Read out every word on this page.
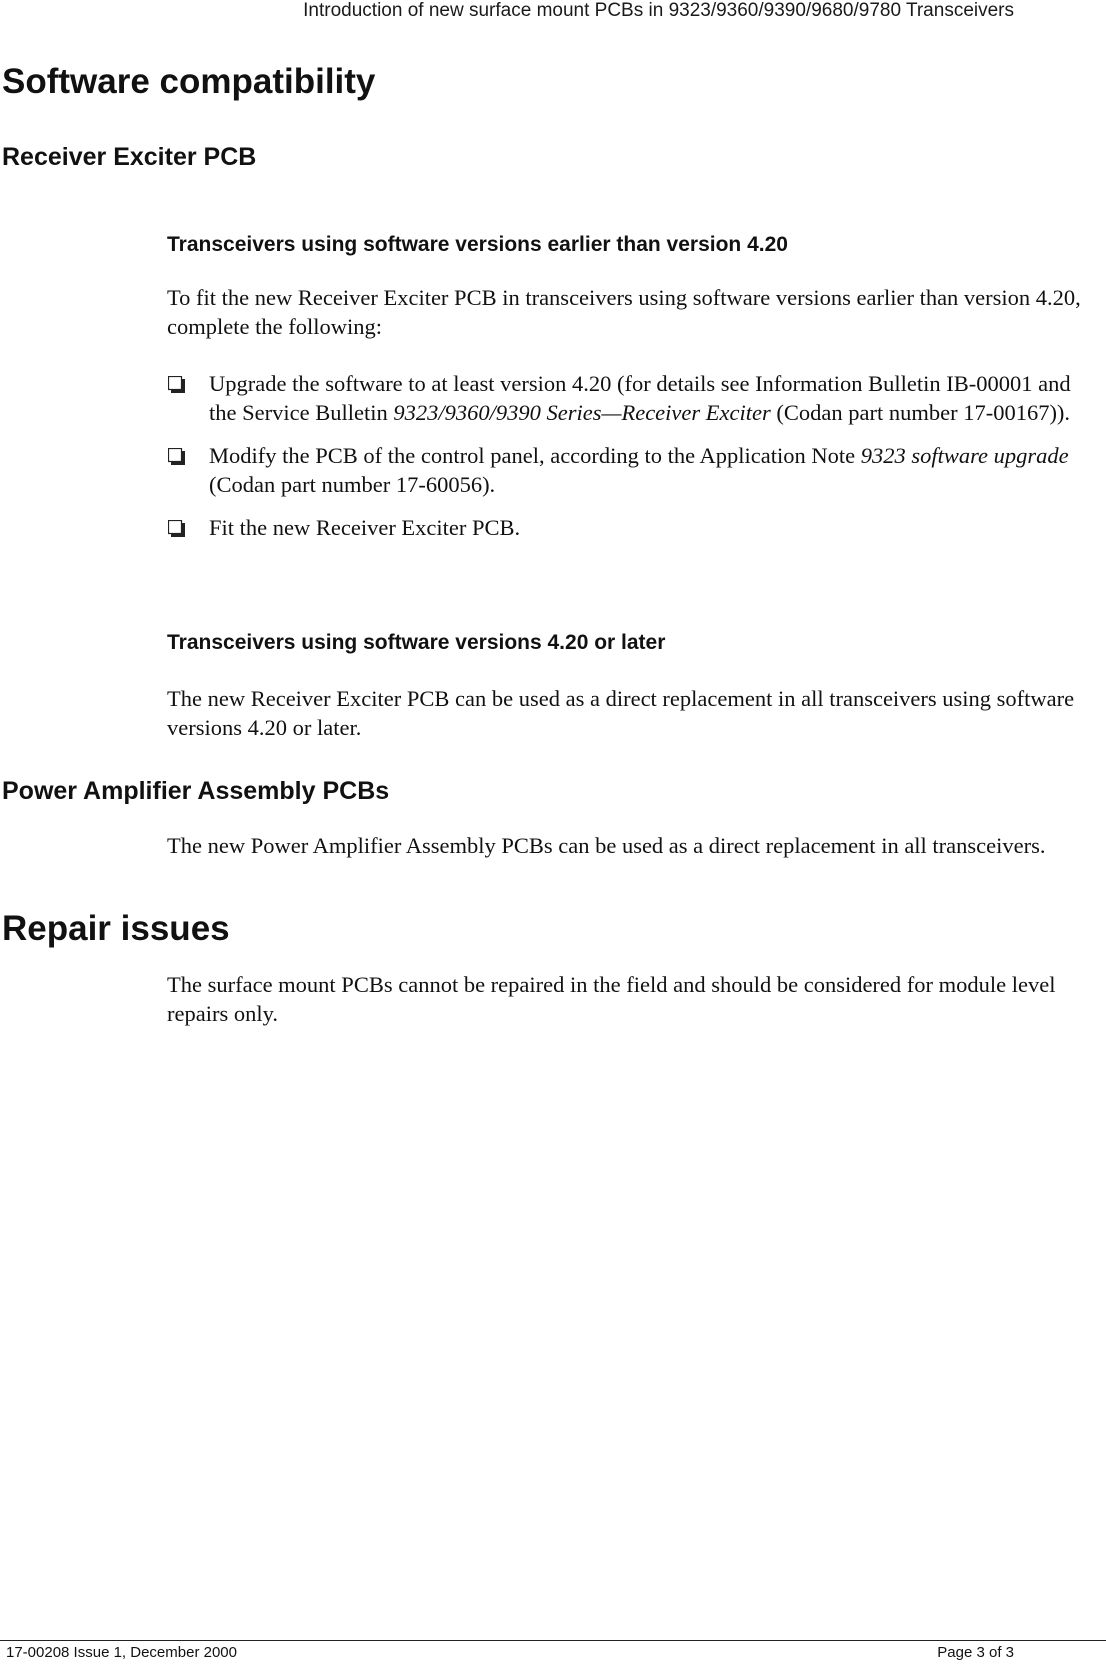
Introduction of new surface mount PCBs in 9323/9360/9390/9680/9780 Transceivers
Software compatibility
Receiver Exciter PCB
Transceivers using software versions earlier than version 4.20

To fit the new Receiver Exciter PCB in transceivers using software versions earlier than version 4.20, complete the following:

Upgrade the software to at least version 4.20 (for details see Information Bulletin IB-00001 and the Service Bulletin 9323/9360/9390 Series—Receiver Exciter (Codan part number 17-00167)).
Modify the PCB of the control panel, according to the Application Note 9323 software upgrade (Codan part number 17-60056).
Fit the new Receiver Exciter PCB.
Transceivers using software versions 4.20 or later

The new Receiver Exciter PCB can be used as a direct replacement in all transceivers using software versions 4.20 or later.

Power Amplifier Assembly PCBs

The new Power Amplifier Assembly PCBs can be used as a direct replacement in all transceivers.

Repair issues

The surface mount PCBs cannot be repaired in the field and should be considered for module level repairs only.

17-00208 Issue 1, December 2000	Page 3 of 3
